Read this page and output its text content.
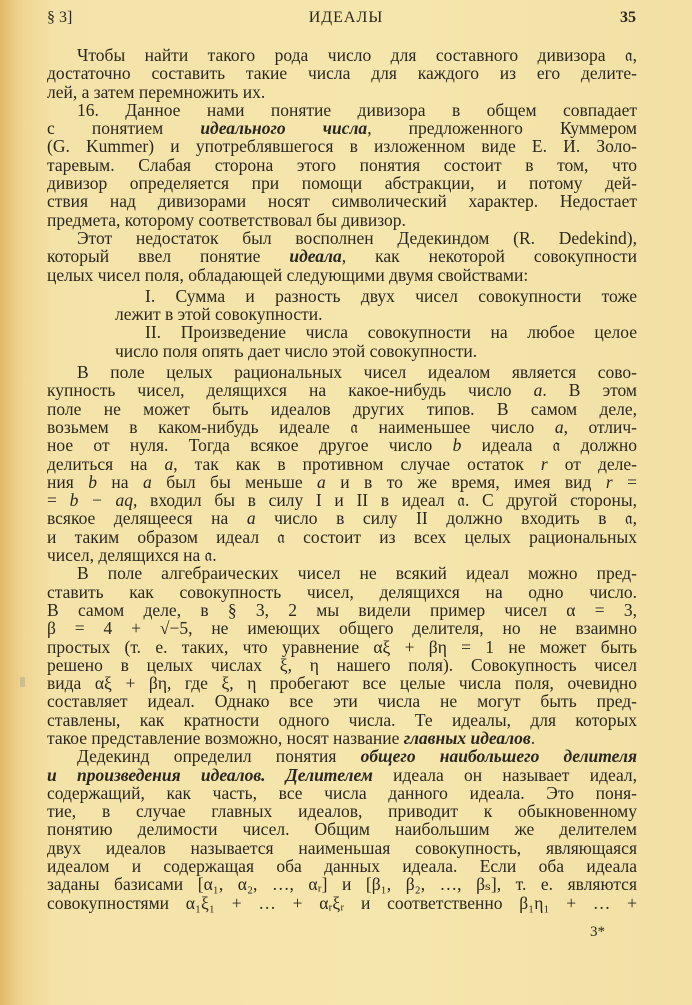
§ 3]	ИДЕАЛЫ	35
Чтобы найти такого рода число для составного дивизора 𝔞,
достаточно составить такие числа для каждого из его делите-
лей, а затем перемножить их.
16. Данное нами понятие дивизора в общем совпадает
с понятием идеального числа, предложенного Куммером
(G. Kummer) и употреблявшегося в изложенном виде Е. И. Золо-
таревым. Слабая сторона этого понятия состоит в том, что
дивизор определяется при помощи абстракции, и потому дей-
ствия над дивизорами носят символический характер. Недостает
предмета, которому соответствовал бы дивизор.
Этот недостаток был восполнен Дедекиндом (R. Dedekind),
который ввел понятие идеала, как некоторой совокупности
целых чисел поля, обладающей следующими двумя свойствами:
I. Сумма и разность двух чисел совокупности тоже
лежит в этой совокупности.
II. Произведение числа совокупности на любое целое
число поля опять дает число этой совокупности.
В поле целых рациональных чисел идеалом является сово-
купность чисел, делящихся на какое-нибудь число a. В этом
поле не может быть идеалов других типов. В самом деле,
возьмем в каком-нибудь идеале 𝔞 наименьшее число a, отлич-
ное от нуля. Тогда всякое другое число b идеала 𝔞 должно
делиться на a, так как в противном случае остаток r от деле-
ния b на a был бы меньше a и в то же время, имея вид r =
= b − aq, входил бы в силу I и II в идеал 𝔞. С другой стороны,
всякое делящееся на a число в силу II должно входить в 𝔞,
и таким образом идеал 𝔞 состоит из всех целых рациональных
чисел, делящихся на 𝔞.
В поле алгебраических чисел не всякий идеал можно пред-
ставить как совокупность чисел, делящихся на одно число.
В самом деле, в § 3, 2 мы видели пример чисел α = 3,
β = 4 + √−5, не имеющих общего делителя, но не взаимно
простых (т. е. таких, что уравнение αξ + βη = 1 не может быть
решено в целых числах ξ, η нашего поля). Совокупность чисел
вида αξ + βη, где ξ, η пробегают все целые числа поля, очевидно
составляет идеал. Однако все эти числа не могут быть пред-
ставлены, как кратности одного числа. Те идеалы, для которых
такое представление возможно, носят название главных идеалов.
Дедекинд определил понятия общего наибольшего делителя
и произведения идеалов. Делителем идеала он называет идеал,
содержащий, как часть, все числа данного идеала. Это поня-
тие, в случае главных идеалов, приводит к обыкновенному
понятию делимости чисел. Общим наибольшим же делителем
двух идеалов называется наименьшая совокупность, являющаяся
идеалом и содержащая оба данных идеала. Если оба идеала
заданы базисами [α₁, α₂, …, αᵣ] и [β₁, β₂, …, βₛ], т. е. являются
совокупностями α₁ξ₁ + … + αᵣξᵣ и соответственно β₁η₁ + … +
3*
